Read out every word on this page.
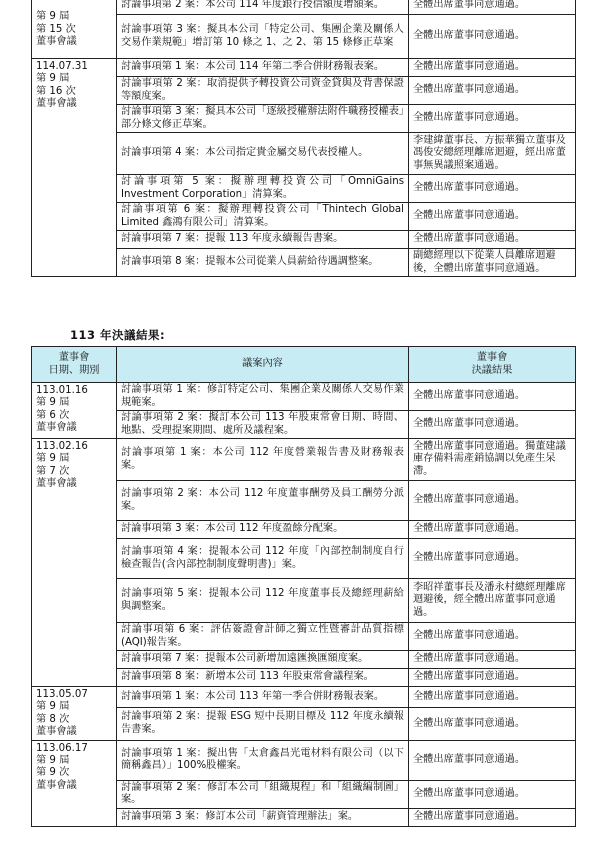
第 9 屆
第 15 次
董事會議	討論事項第 2 案：本公司 114 年度銀行授信額度增額案。	全體出席董事同意通過。
	討論事項第 3 案：擬具本公司「特定公司、集團企業及關係人交易作業規範」增訂第 10 條之 1、之 2、第 15 條修正草案	全體出席董事同意通過。

114.07.31
第 9 屆
第 16 次
董事會議	討論事項第 1 案：本公司 114 年第二季合併財務報表案。	全體出席董事同意通過。
	討論事項第 2 案：取消提供予轉投資公司資金貸與及背書保證等額度案。	全體出席董事同意通過。
	討論事項第 3 案：擬具本公司「逐級授權辦法附件職務授權表」部分條文修正草案。	全體出席董事同意通過。
	討論事項第 4 案：本公司指定貴金屬交易代表授權人。	李建緯董事長、方振華獨立董事及馮俊安總經理離席迴避，經出席董事無異議照案通過。
	討論事項第 5 案：擬辦理轉投資公司「OmniGains Investment Corporation」清算案。	全體出席董事同意通過。
	討論事項第 6 案：擬辦理轉投資公司「Thintech Global Limited 鑫鴻有限公司」清算案。	全體出席董事同意通過。
	討論事項第 7 案：提報 113 年度永續報告書案。	全體出席董事同意通過。
	討論事項第 8 案：提報本公司從業人員薪給待遇調整案。	副總經理以下從業人員離席迴避後，全體出席董事同意通過。

113 年決議結果:

董事會
日期、期別	議案內容	董事會
決議結果

113.01.16
第 9 屆
第 6 次
董事會議	討論事項第 1 案：修訂特定公司、集團企業及關係人交易作業規範案。	全體出席董事同意通過。
	討論事項第 2 案：擬訂本公司 113 年股東常會日期、時間、地點、受理提案期間、處所及議程案。	全體出席董事同意通過。

113.02.16
第 9 屆
第 7 次
董事會議	討論事項第 1 案：本公司 112 年度營業報告書及財務報表案。	全體出席董事同意通過。獨董建議庫存備料需產銷協調以免產生呆滯。
	討論事項第 2 案：本公司 112 年度董事酬勞及員工酬勞分派案。	全體出席董事同意通過。
	討論事項第 3 案：本公司 112 年度盈餘分配案。	全體出席董事同意通過。
	討論事項第 4 案：提報本公司 112 年度「內部控制制度自行檢查報告(含內部控制制度聲明書)」案。	全體出席董事同意通過。
	討論事項第 5 案：提報本公司 112 年度董事長及總經理薪給與調整案。	李昭祥董事長及潘永村總經理離席迴避後，經全體出席董事同意通過。
	討論事項第 6 案：評估簽證會計師之獨立性暨審計品質指標(AQI)報告案。	全體出席董事同意通過。
	討論事項第 7 案：提報本公司新增加遠匯換匯額度案。	全體出席董事同意通過。
	討論事項第 8 案：新增本公司 113 年股東常會議程案。	全體出席董事同意通過。

113.05.07
第 9 屆
第 8 次
董事會議	討論事項第 1 案：本公司 113 年第一季合併財務報表案。	全體出席董事同意通過。
	討論事項第 2 案：提報 ESG 短中長期目標及 112 年度永續報告書案。	全體出席董事同意通過。

113.06.17
第 9 屆
第 9 次
董事會議	討論事項第 1 案：擬出售「太倉鑫昌光電材料有限公司（以下簡稱鑫昌）」100%股權案。	全體出席董事同意通過。
	討論事項第 2 案：修訂本公司「組織規程」和「組織編制圖」案。	全體出席董事同意通過。
	討論事項第 3 案：修訂本公司「薪資管理辦法」案。	全體出席董事同意通過。
